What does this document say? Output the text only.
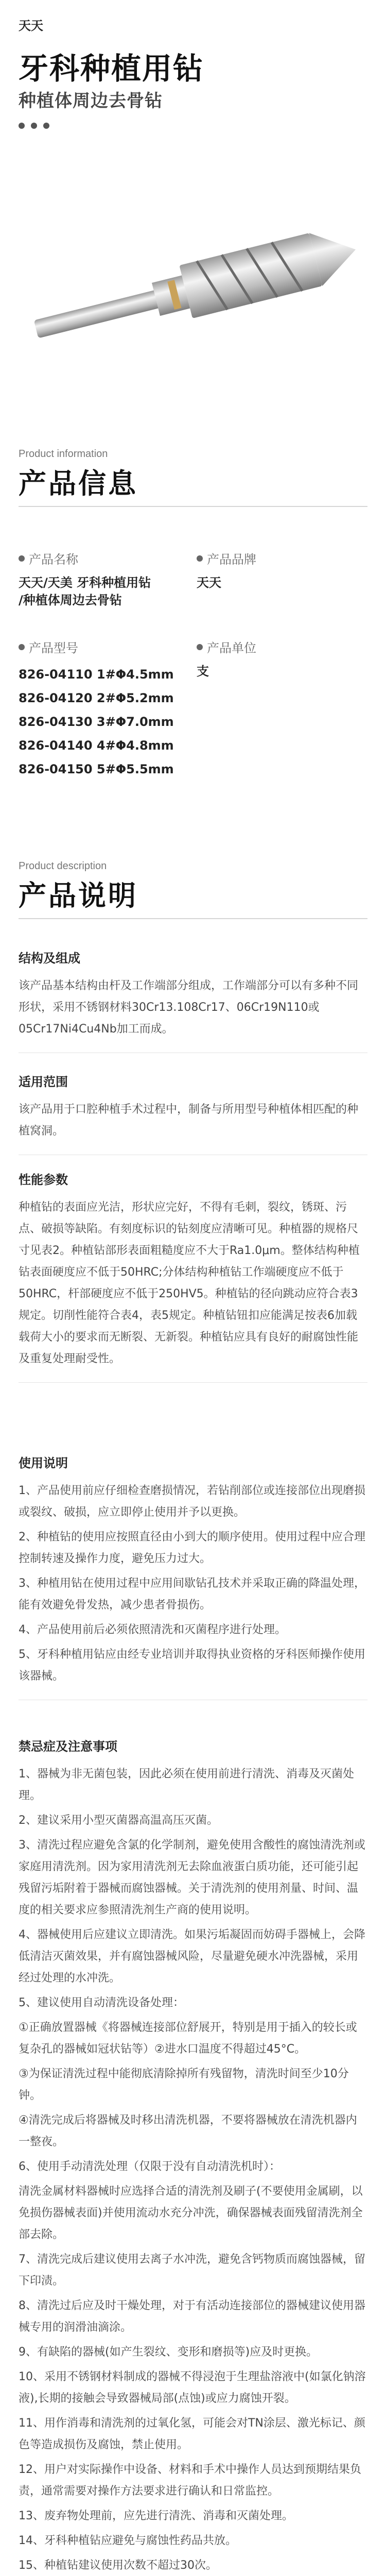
天天
牙科种植用钻
种植体周边去骨钻
Product information
产品信息
产品名称
天天/天美 牙科种植用钻
/种植体周边去骨钻
产品品牌
天天
产品型号
826-04110 1#Φ4.5mm
826-04120 2#Φ5.2mm
826-04130 3#Φ7.0mm
826-04140 4#Φ4.8mm
826-04150 5#Φ5.5mm
产品单位
支
Product description
产品说明
结构及组成

该产品基本结构由杆及工作端部分组成，工作端部分可以有多种不同形状，采用不锈钢材料30Cr13.108Cr17、06Cr19N110或05Cr17Ni4Cu4Nb加工而成。

适用范围

该产品用于口腔种植手术过程中，制备与所用型号种植体相匹配的种植窝洞。

性能参数

种植钻的表面应光洁，形状应完好，不得有毛刺，裂纹，锈斑、污点、破损等缺陷。有刻度标识的钻刻度应清晰可见。种植器的规格尺寸见表2。种植钻部形表面粗糙度应不大于Ra1.0μm。整体结构种植钻表面硬度应不低于50HRC;分体结构种植钻工作端硬度应不低于50HRC，杆部硬度应不低于250HV5。种植钻的径向跳动应符合表3规定。切削性能符合表4，表5规定。种植钻钮扣应能满足按表6加载载荷大小的要求而无断裂、无新裂。种植钻应具有良好的耐腐蚀性能及重复处理耐受性。

使用说明

1、产品使用前应仔细检查磨损情况，若钻削部位或连接部位出现磨损或裂纹、破损，应立即停止使用并予以更换。

2、种植钻的使用应按照直径由小到大的顺序使用。使用过程中应合理控制转速及操作力度，避免压力过大。

3、种植用钻在使用过程中应用间歇钻孔技术并采取正确的降温处理，能有效避免骨发热，减少患者骨损伤。

4、产品使用前后必须依照清洗和灭菌程序进行处理。

5、牙科种植用钻应由经专业培训并取得执业资格的牙科医师操作使用该器械。

禁忌症及注意事项

1、器械为非无菌包装，因此必须在使用前进行清洗、消毒及灭菌处理。

2、建议采用小型灭菌器高温高压灭菌。

3、清洗过程应避免含氯的化学制剂，避免使用含酸性的腐蚀清洗剂或家庭用清洗剂。因为家用清洗剂无去除血液蛋白质功能，还可能引起残留污垢附着于器械而腐蚀器械。关于清洗剂的使用剂量、时间、温度的相关要求应参照清洗剂生产商的使用说明。

4、器械使用后应建议立即清洗。如果污垢凝固而妨碍手器械上，会降低清洁灭菌效果，并有腐蚀器械风险，尽量避免硬水冲洗器械，采用经过处理的水冲洗。

5、建议使用自动清洗设备处理：

①正确放置器械《将器械连接部位舒展开，特别是用于插入的较长或复杂孔的器械如冠状钻等）②进水口温度不得超过45°C。

③为保证清洗过程中能彻底清除掉所有残留物，清洗时间至少10分钟。

④清洗完成后将器械及时移出清洗机器，不要将器械放在清洗机器内一整夜。

6、使用手动清洗处理（仅限于没有自动清洗机时）：

清洗金属材料器械时应选择合适的清洗剂及刷子(不要使用金属刷，以免损伤器械表面)并使用流动水充分冲洗，确保器械表面残留清洗剂全部去除。

7、清洗完成后建议使用去离子水冲洗，避免含钙物质而腐蚀器械，留下印渍。

8、清洗过后应及时干燥处理，对于有活动连接部位的器械建议使用器械专用的润滑油滴涂。

9、有缺陷的器械(如产生裂纹、变形和磨损等)应及时更换。

10、采用不锈钢材料制成的器械不得浸泡于生理盐溶液中(如氯化钠溶液),长期的接触会导致器械局部(点蚀)或应力腐蚀开裂。

11、用作消毒和清洗剂的过氧化氢，可能会对TN涂层、激光标记、颜色等造成损伤及腐蚀，禁止使用。

12、用户对实际操作中设备、材料和手术中操作人员达到预期结果负责，通常需要对操作方法要求进行确认和日常监控。

13、废弃物处理前，应先进行清洗、消毒和灭菌处理。

14、牙科种植钻应避免与腐蚀性药品共放。

15、种植钻建议使用次数不超过30次。
